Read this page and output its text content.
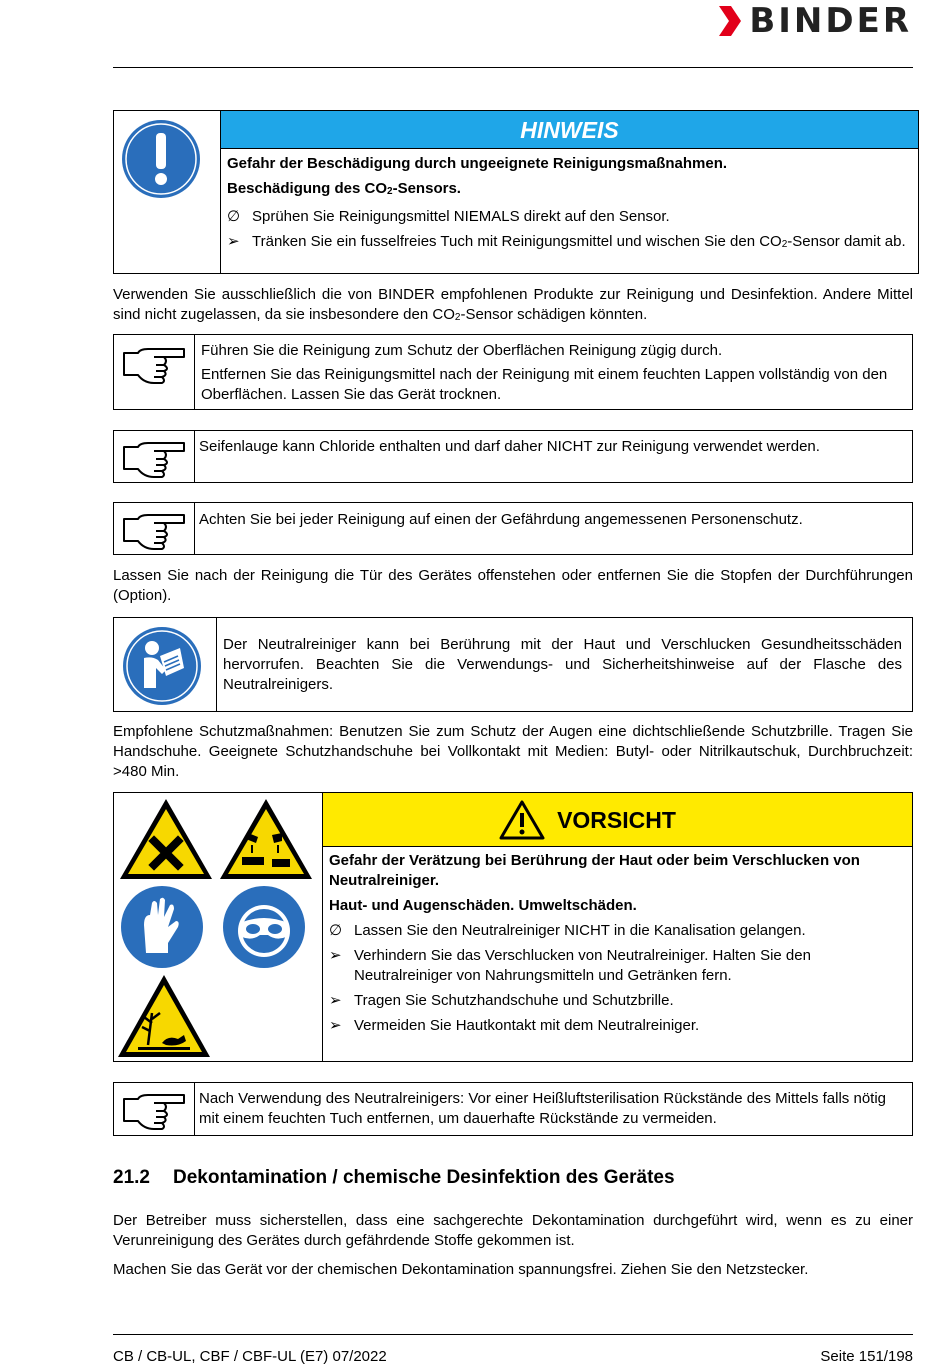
BINDER
HINWEIS

Gefahr der Beschädigung durch ungeeignete Reinigungsmaßnahmen.

Beschädigung des $CO_2$-Sensors.

∅ Sprühen Sie Reinigungsmittel NIEMALS direkt auf den Sensor.
➢ Tränken Sie ein fusselfreies Tuch mit Reinigungsmittel und wischen Sie den $CO_2$-Sensor damit ab.
Verwenden Sie ausschließlich die von BINDER empfohlenen Produkte zur Reinigung und Desinfektion. Andere Mittel sind nicht zugelassen, da sie insbesondere den $CO_2$-Sensor schädigen könnten.

Führen Sie die Reinigung zum Schutz der Oberflächen Reinigung zügig durch.

Entfernen Sie das Reinigungsmittel nach der Reinigung mit einem feuchten Lappen vollständig von den Oberflächen. Lassen Sie das Gerät trocknen.

Seifenlauge kann Chloride enthalten und darf daher NICHT zur Reinigung verwendet werden.

Achten Sie bei jeder Reinigung auf einen der Gefährdung angemessenen Personenschutz.

Lassen Sie nach der Reinigung die Tür des Gerätes offenstehen oder entfernen Sie die Stopfen der Durchführungen (Option).

Der Neutralreiniger kann bei Berührung mit der Haut und Verschlucken Gesundheitsschäden hervorrufen. Beachten Sie die Verwendungs- und Sicherheitshinweise auf der Flasche des Neutralreinigers.

Empfohlene Schutzmaßnahmen: Benutzen Sie zum Schutz der Augen eine dichtschließende Schutzbrille. Tragen Sie Handschuhe. Geeignete Schutzhandschuhe bei Vollkontakt mit Medien: Butyl- oder Nitrilkautschuk, Durchbruchzeit: >480 Min.
VORSICHT

Gefahr der Verätzung bei Berührung der Haut oder beim Verschlucken von Neutralreiniger.

Haut- und Augenschäden. Umweltschäden.

∅ Lassen Sie den Neutralreiniger NICHT in die Kanalisation gelangen.
➢ Verhindern Sie das Verschlucken von Neutralreiniger. Halten Sie den Neutralreiniger von Nahrungsmitteln und Getränken fern.
➢ Tragen Sie Schutzhandschuhe und Schutzbrille.
➢ Vermeiden Sie Hautkontakt mit dem Neutralreiniger.

Nach Verwendung des Neutralreinigers: Vor einer Heißluftsterilisation Rückstände des Mittels falls nötig mit einem feuchten Tuch entfernen, um dauerhafte Rückstände zu vermeiden.

21.2 Dekontamination / chemische Desinfektion des Gerätes
Der Betreiber muss sicherstellen, dass eine sachgerechte Dekontamination durchgeführt wird, wenn es zu einer Verunreinigung des Gerätes durch gefährdende Stoffe gekommen ist.
Machen Sie das Gerät vor der chemischen Dekontamination spannungsfrei. Ziehen Sie den Netzstecker.
CB / CB-UL, CBF / CBF-UL (E7) 07/2022	Seite 151/198
